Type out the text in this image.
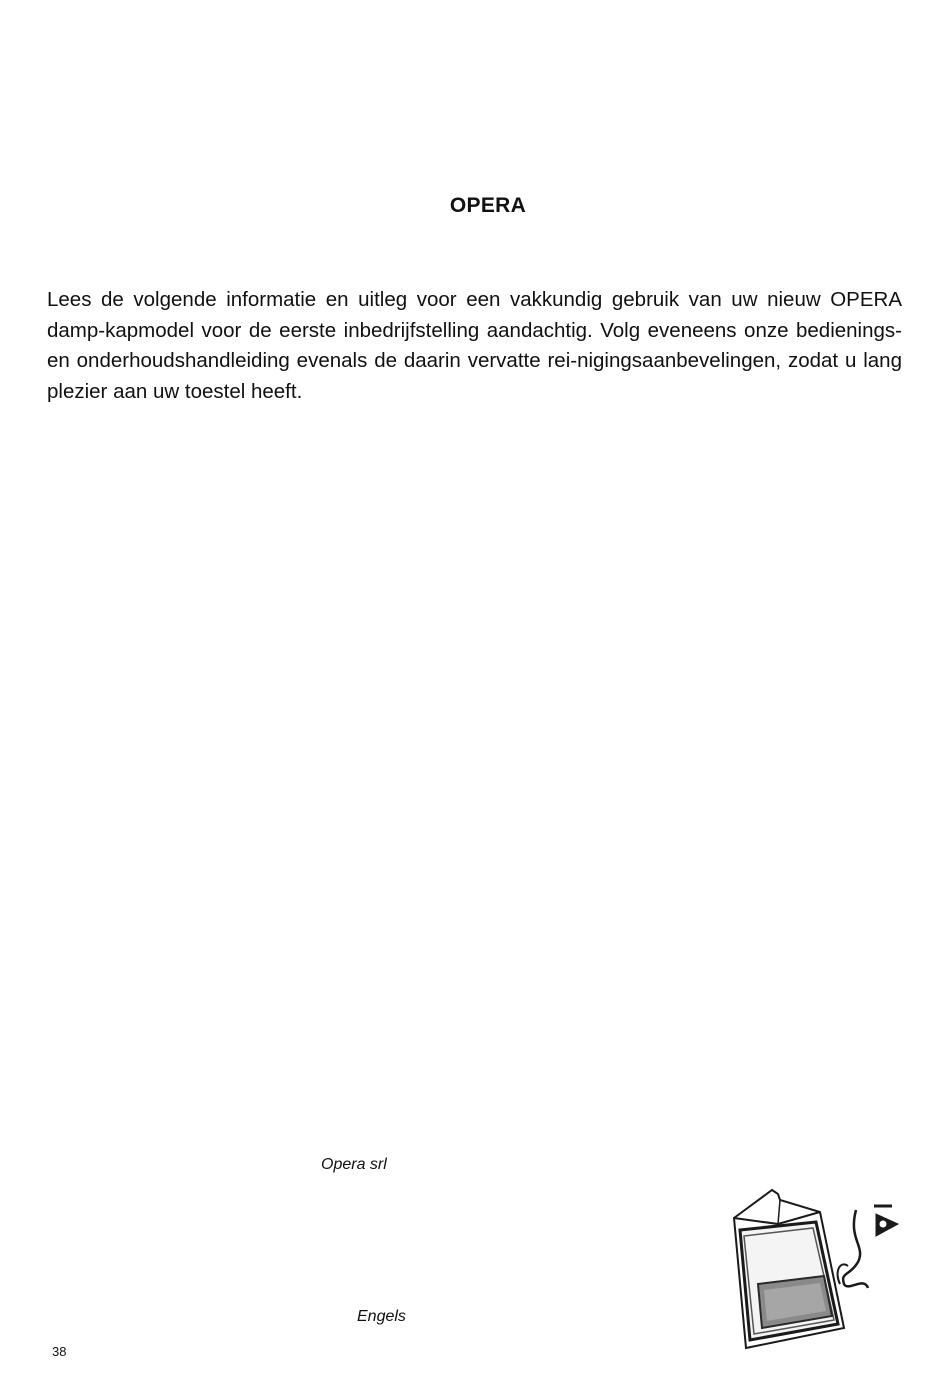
OPERA

Lees de volgende informatie en uitleg voor een vakkundig gebruik van uw nieuw OPERA damp-kapmodel voor de eerste inbedrijfstelling aandachtig. Volg eveneens onze bedienings- en onderhoudshandleiding evenals de daarin vervatte rei-nigingsaanbevelingen, zodat u lang plezier aan uw toestel heeft.

Opera srl
Engels
38
